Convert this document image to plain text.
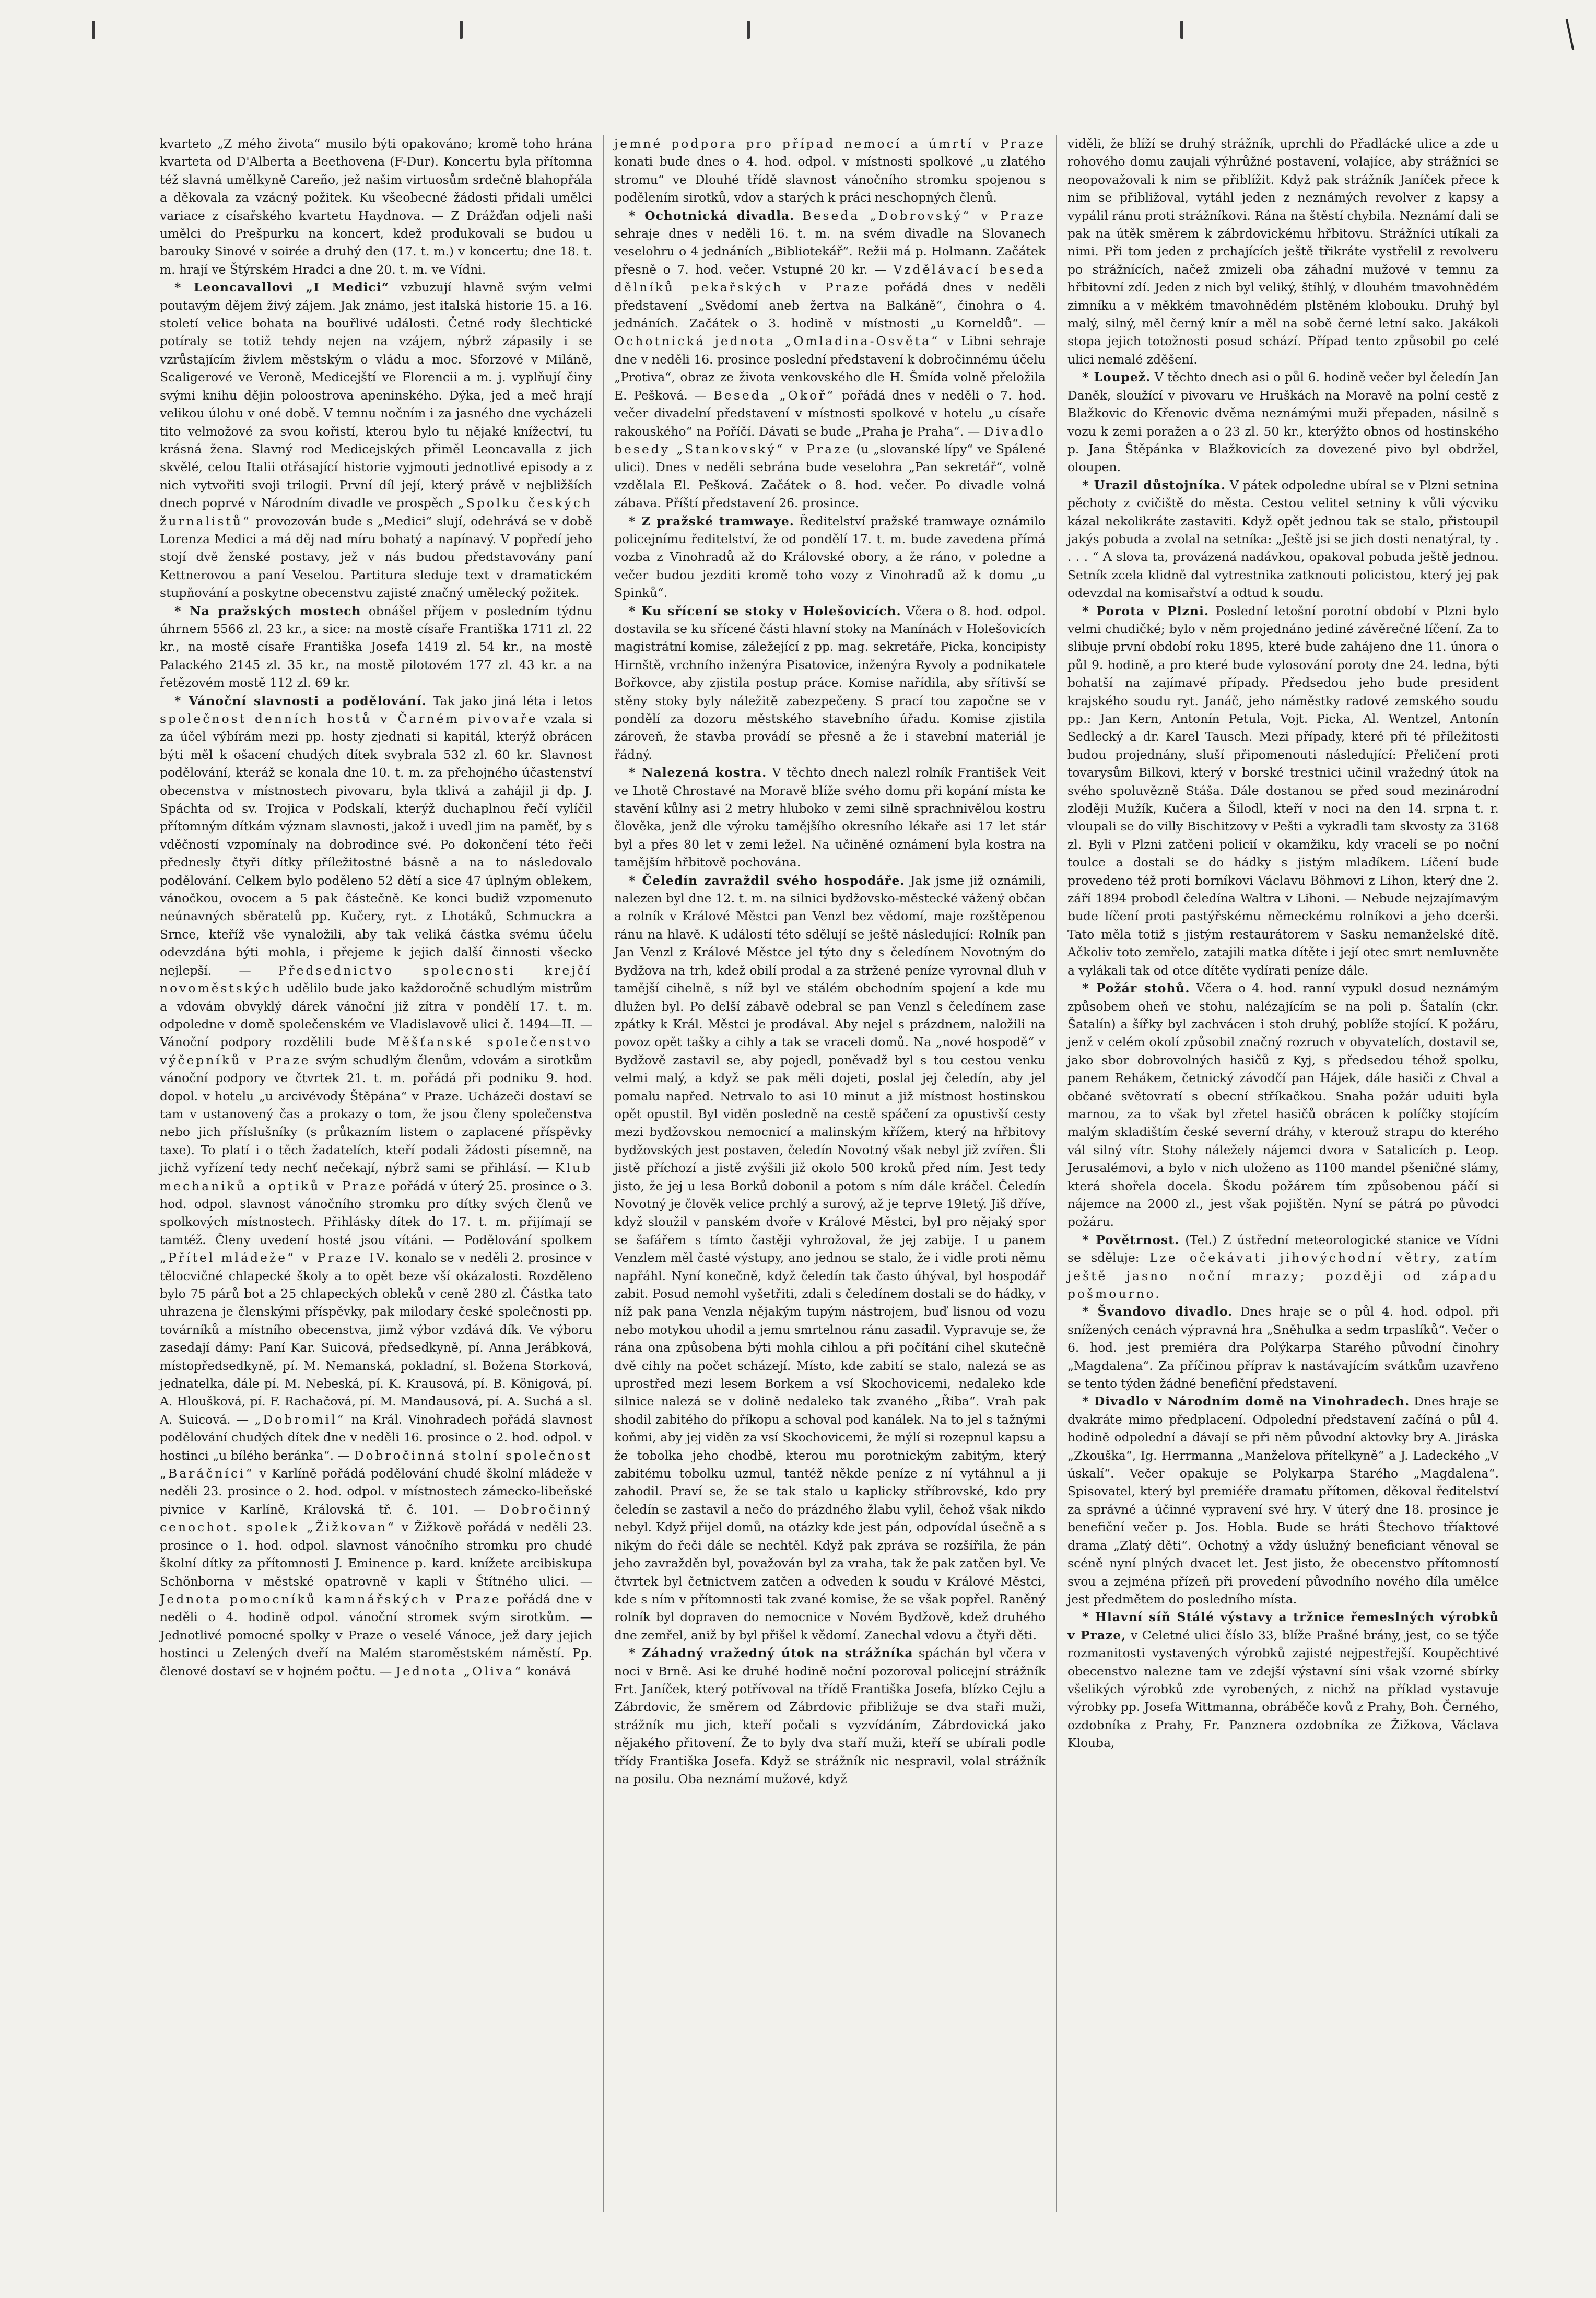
kvarteto „Z mého života“ musilo býti opakováno; kromě toho hrána kvarteta od D'Alberta a Beethovena (F-Dur). Koncertu byla přítomna též slavná umělkyně Careño, jež našim virtuosům srdečně blahopřála a děkovala za vzácný požitek. Ku všeobecné žádosti přidali umělci variace z císařského kvartetu Haydnova. — Z Drážďan odjeli naši umělci do Prešpurku na koncert, kdež produkovali se budou u barouky Sinové v soirée a druhý den (17. t. m.) v koncertu; dne 18. t. m. hrají ve Štýrském Hradci a dne 20. t. m. ve Vídni.

* Leoncavallovi „I Medici“ vzbuzují hlavně svým velmi poutavým dějem živý zájem. Jak známo, jest italská historie 15. a 16. století velice bohata na bouřlivé události. Četné rody šlechtické potíraly se totiž tehdy nejen na vzájem, nýbrž zápasily i se vzrůstajícím živlem městským o vládu a moc. Sforzové v Miláně, Scaligerové ve Veroně, Medicejští ve Florencii a m. j. vyplňují činy svými knihu dějin poloostrova apeninského. Dýka, jed a meč hrají velikou úlohu v oné době. V temnu nočním i za jasného dne vycházeli tito velmožové za svou kořistí, kterou bylo tu nějaké knížectví, tu krásná žena. Slavný rod Medicejských přiměl Leoncavalla z jich skvělé, celou Italii otřásající historie vyjmouti jednotlivé episody a z nich vytvořiti svoji trilogii. První díl její, který právě v nejbližších dnech poprvé v Národním divadle ve prospěch „Spolku českých žurnalistů“ provozován bude s „Medici“ slují, odehrává se v době Lorenza Medici a má děj nad míru bohatý a napínavý. V popředí jeho stojí dvě ženské postavy, jež v nás budou představovány paní Kettnerovou a paní Veselou. Partitura sleduje text v dramatickém stupňování a poskytne obecenstvu zajisté značný umělecký požitek.

* Na pražských mostech obnášel příjem v posledním týdnu úhrnem 5566 zl. 23 kr., a sice: na mostě císaře Františka 1711 zl. 22 kr., na mostě císaře Františka Josefa 1419 zl. 54 kr., na mostě Palackého 2145 zl. 35 kr., na mostě pilotovém 177 zl. 43 kr. a na řetězovém mostě 112 zl. 69 kr.

* Vánoční slavnosti a podělování. Tak jako jiná léta i letos společnost denních hostů v Čarném pivovaře vzala si za účel výbírám mezi pp. hosty zjednati si kapitál, kterýž obrácen býti měl k ošacení chudých dítek svybrala 532 zl. 60 kr. Slavnost podělování, kteráž se konala dne 10. t. m. za přehojného účastenství obecenstva v místnostech pivovaru, byla tklivá a zahájil ji dp. J. Spáchta od sv. Trojica v Podskalí, kterýž duchaplnou řečí vylíčil přítomným dítkám význam slavnosti, jakož i uvedl jim na paměť, by s vděčností vzpomínaly na dobrodince své. Po dokončení této řeči přednesly čtyři dítky příležitostné básně a na to následovalo podělování. Celkem bylo poděleno 52 dětí a sice 47 úplným oblekem, vánočkou, ovocem a 5 pak částečně. Ke konci budiž vzpomenuto neúnavných sběratelů pp. Kučery, ryt. z Lhotáků, Schmuckra a Srnce, kteříž vše vynaložili, aby tak veliká částka svému účelu odevzdána býti mohla, i přejeme k jejich další činnosti všecko nejlepší. — Předsednictvo spolecnosti krejčí novoměstských udělilo bude jako každoročně schudlým mistrům a vdovám obvyklý dárek vánoční již zítra v pondělí 17. t. m. odpoledne v domě společenském ve Vladislavově ulici č. 1494—II. — Vánoční podpory rozdělili bude Měšťanské společenstvo výčepníků v Praze svým schudlým členům, vdovám a sirotkům vánoční podpory ve čtvrtek 21. t. m. pořádá při podniku 9. hod. dopol. v hotelu „u arcivévody Štěpána“ v Praze. Ucházeči dostaví se tam v ustanovený čas a prokazy o tom, že jsou členy společenstva nebo jich příslušníky (s průkazním listem o zaplacené příspěvky taxe). To platí i o těch žadatelích, kteří podali žádosti písemně, na jichž vyřízení tedy nechť nečekají, nýbrž sami se přihlásí. — Klub mechaniků a optiků v Praze pořádá v úterý 25. prosince o 3. hod. odpol. slavnost vánočního stromku pro dítky svých členů ve spolkových místnostech. Přihlásky dítek do 17. t. m. přijímají se tamtéž. Členy uvedení hosté jsou vítáni. — Podělování spolkem „Přítel mládeže“ v Praze IV. konalo se v neděli 2. prosince v tělocvičné chlapecké školy a to opět beze vší okázalosti. Rozděleno bylo 75 párů bot a 25 chlapeckých obleků v ceně 280 zl. Částka tato uhrazena je členskými příspěvky, pak milodary české společnosti pp. továrníků a místního obecenstva, jimž výbor vzdává dík. Ve výboru zasedají dámy: Paní Kar. Suicová, předsedkyně, pí. Anna Jerábková, místopředsedkyně, pí. M. Nemanská, pokladní, sl. Božena Storková, jednatelka, dále pí. M. Nebeská, pí. K. Krausová, pí. B. Königová, pí. A. Hloušková, pí. F. Rachačová, pí. M. Mandausová, pí. A. Suchá a sl. A. Suicová. — „Dobromil“ na Král. Vinohradech pořádá slavnost podělování chudých dítek dne v neděli 16. prosince o 2. hod. odpol. v hostinci „u bílého beránka“. — Dobročinná stolní společnost „Baráčníci“ v Karlíně pořádá podělování chudé školní mládeže v neděli 23. prosince o 2. hod. odpol. v místnostech zámecko-libeňské pivnice v Karlíně, Královská tř. č. 101. — Dobročinný cenochot. spolek „Žižkovan“ v Žižkově pořádá v neděli 23. prosince o 1. hod. odpol. slavnost vánočního stromku pro chudé školní dítky za přítomnosti J. Eminence p. kard. knížete arcibiskupa Schönborna v městské opatrovně v kapli v Štítného ulici. — Jednota pomocníků kamnářských v Praze pořádá dne v neděli o 4. hodině odpol. vánoční stromek svým sirotkům. — Jednotlivé pomocné spolky v Praze o veselé Vánoce, jež dary jejich hostinci u Zelených dveří na Malém staroměstském náměstí. Pp. členové dostaví se v hojném počtu. — Jednota „Oliva“ konává

jemné podpora pro případ nemocí a úmrtí v Praze konati bude dnes o 4. hod. odpol. v místnosti spolkové „u zlatého stromu“ ve Dlouhé třídě slavnost vánočního stromku spojenou s podělením sirotků, vdov a starých k práci neschopných členů.

* Ochotnická divadla. Beseda „Dobrovský“ v Praze sehraje dnes v neděli 16. t. m. na svém divadle na Slovanech veselohru o 4 jednáních „Bibliotekář“. Režii má p. Holmann. Začátek přesně o 7. hod. večer. Vstupné 20 kr. — Vzdělávací beseda dělníků pekařských v Praze pořádá dnes v neděli představení „Svědomí aneb žertva na Balkáně“, činohra o 4. jednáních. Začátek o 3. hodině v místnosti „u Korneldů“. — Ochotnická jednota „Omladina-Osvěta“ v Libni sehraje dne v neděli 16. prosince poslední představení k dobročinnému účelu „Protiva“, obraz ze života venkovského dle H. Šmída volně přeložila E. Pešková. — Beseda „Okoř“ pořádá dnes v neděli o 7. hod. večer divadelní představení v místnosti spolkové v hotelu „u císaře rakouského“ na Poříčí. Dávati se bude „Praha je Praha“. — Divadlo besedy „Stankovský“ v Praze (u „slovanské lípy“ ve Spálené ulici). Dnes v neděli sebrána bude veselohra „Pan sekretář“, volně vzdělala El. Pešková. Začátek o 8. hod. večer. Po divadle volná zábava. Příští představení 26. prosince.

* Z pražské tramwaye. Ředitelství pražské tramwaye oznámilo policejnímu ředitelství, že od pondělí 17. t. m. bude zavedena přímá vozba z Vinohradů až do Královské obory, a že ráno, v poledne a večer budou jezditi kromě toho vozy z Vinohradů až k domu „u Spinků“.

* Ku sřícení se stoky v Holešovicích. Včera o 8. hod. odpol. dostavila se ku sřícené části hlavní stoky na Manínách v Holešovicích magistrátní komise, záležející z pp. mag. sekretáře, Picka, koncipisty Hirnště, vrchního inženýra Pisatovice, inženýra Ryvoly a podnikatele Bořkovce, aby zjistila postup práce. Komise nařídila, aby sřítivší se stěny stoky byly náležitě zabezpečeny. S prací tou započne se v pondělí za dozoru městského stavebního úřadu. Komise zjistila zároveň, že stavba provádí se přesně a že i stavební materiál je řádný.

* Nalezená kostra. V těchto dnech nalezl rolník František Veit ve Lhotě Chrostavé na Moravě blíže svého domu při kopání místa ke stavění kůlny asi 2 metry hluboko v zemi silně sprachnivělou kostru člověka, jenž dle výroku tamějšího okresního lékaře asi 17 let stár byl a přes 80 let v zemi ležel. Na učiněné oznámení byla kostra na tamějším hřbitově pochována.

* Čeledín zavraždil svého hospodáře. Jak jsme již oznámili, nalezen byl dne 12. t. m. na silnici bydžovsko-městecké vážený občan a rolník v Králové Městci pan Venzl bez vědomí, maje rozštěpenou ránu na hlavě. K událostí této sdělují se ještě následující: Rolník pan Jan Venzl z Králové Městce jel týto dny s čeledínem Novotným do Bydžova na trh, kdež obilí prodal a za stržené peníze vyrovnal dluh v tamější cihelně, s níž byl ve stálém obchodním spojení a kde mu dlužen byl. Po delší zábavě odebral se pan Venzl s čeledínem zase zpátky k Král. Městci je prodával. Aby nejel s prázdnem, naložili na povoz opět tašky a cihly a tak se vraceli domů. Na „nové hospodě“ v Bydžově zastavil se, aby pojedl, poněvadž byl s tou cestou venku velmi malý, a když se pak měli dojeti, poslal jej čeledín, aby jel pomalu napřed. Netrvalo to asi 10 minut a již místnost hostinskou opět opustil. Byl viděn posledně na cestě spáčení za opustivší cesty mezi bydžovskou nemocnicí a malinským křížem, který na hřbitovy bydžovských jest postaven, čeledín Novotný však nebyl již zvířen. Šli jistě příchozí a jistě zvýšili již okolo 500 kroků před ním. Jest tedy jisto, že jej u lesa Borků dobonil a potom s ním dále kráčel. Čeledín Novotný je člověk velice prchlý a surový, až je teprve 19letý. Jiš dříve, když sloužil v panském dvoře v Králové Městci, byl pro nějaký spor se šafářem s tímto častěji vyhrožoval, že jej zabije. I u panem Venzlem měl časté výstupy, ano jednou se stalo, že i vidle proti němu napřáhl. Nyní konečně, když čeledín tak často úhýval, byl hospodář zabit. Posud nemohl vyšetřiti, zdali s čeledínem dostali se do hádky, v níž pak pana Venzla nějakým tupým nástrojem, buď lisnou od vozu nebo motykou uhodil a jemu smrtelnou ránu zasadil. Vypravuje se, že rána ona způsobena býti mohla cihlou a při počítání cihel skutečně dvě cihly na počet scházejí. Místo, kde zabití se stalo, nalezá se as uprostřed mezi lesem Borkem a vsí Skochovicemi, nedaleko kde silnice nalezá se v dolině nedaleko tak zvaného „Řiba“. Vrah pak shodil zabitého do příkopu a schoval pod kanálek. Na to jel s tažnými koňmi, aby jej viděn za vsí Skochovicemi, že mýlí si rozepnul kapsu a že tobolka jeho chodbě, kterou mu porotnickým zabitým, který zabitému tobolku uzmul, tantéž někde peníze z ní vytáhnul a ji zahodil. Praví se, že se tak stalo u kaplicky stříbrovské, kdo pry čeledín se zastavil a nečo do prázdného žlabu vylil, čehož však nikdo nebyl. Když přijel domů, na otázky kde jest pán, odpovídal úsečně a s nikým do řeči dále se nechtěl. Když pak zpráva se rozšířila, že pán jeho zavražděn byl, považován byl za vraha, tak že pak zatčen byl. Ve čtvrtek byl četnictvem zatčen a odveden k soudu v Králové Městci, kde s ním v přítomnosti tak zvané komise, že se však popřel. Raněný rolník byl dopraven do nemocnice v Novém Bydžově, kdež druhého dne zemřel, aniž by byl přišel k vědomí. Zanechal vdovu a čtyři děti.

* Záhadný vražedný útok na strážníka spáchán byl včera v noci v Brně. Asi ke druhé hodině noční pozoroval policejní strážník Frt. Janíček, který potřívoval na třídě Františka Josefa, blízko Cejlu a Zábrdovic, že směrem od Zábrdovic přibližuje se dva staři muži, strážník mu jich, kteří počali s vyzvídáním, Zábrdovická jako nějakého přitovení. Že to byly dva staří muži, kteří se ubírali podle třídy Františka Josefa. Když se strážník nic nespravil, volal strážník na posilu. Oba neznámí mužové, když

viděli, že blíží se druhý strážník, uprchli do Přadlácké ulice a zde u rohového domu zaujali výhrůžné postavení, volajíce, aby strážníci se neopovažovali k nim se přiblížit. Když pak strážník Janíček přece k nim se přibližoval, vytáhl jeden z neznámých revolver z kapsy a vypálil ránu proti strážníkovi. Rána na štěstí chybila. Neznámí dali se pak na útěk směrem k zábrdovickému hřbitovu. Strážníci utíkali za nimi. Při tom jeden z prchajících ještě třikráte vystřelil z revolveru po strážnících, načež zmizeli oba záhadní mužové v temnu za hřbitovní zdí. Jeden z nich byl veliký, štíhlý, v dlouhém tmavohnědém zimníku a v měkkém tmavohnědém plstěném klobouku. Druhý byl malý, silný, měl černý knír a měl na sobě černé letní sako. Jakákoli stopa jejich totožnosti posud schází. Případ tento způsobil po celé ulici nemalé zděšení.

* Loupež. V těchto dnech asi o půl 6. hodině večer byl čeledín Jan Daněk, sloužící v pivovaru ve Hruškách na Moravě na polní cestě z Blažkovic do Křenovic dvěma neznámými muži přepaden, násilně s vozu k zemi poražen a o 23 zl. 50 kr., kterýžto obnos od hostinského p. Jana Štěpánka v Blažkovicích za dovezené pivo byl obdržel, oloupen.

* Urazil důstojníka. V pátek odpoledne ubíral se v Plzni setnina pěchoty z cvičiště do města. Cestou velitel setniny k vůli výcviku kázal nekolikráte zastaviti. Když opět jednou tak se stalo, přistoupil jakýs pobuda a zvolal na setníka: „Ještě jsi se jich dosti nenatýral, ty . . . . “ A slova ta, provázená nadávkou, opakoval pobuda ještě jednou. Setník zcela klidně dal vytrestnika zatknouti policistou, který jej pak odevzdal na komisařství a odtud k soudu.

* Porota v Plzni. Poslední letošní porotní období v Plzni bylo velmi chudičké; bylo v něm projednáno jediné závěrečné líčení. Za to slibuje první období roku 1895, které bude zahájeno dne 11. února o půl 9. hodině, a pro které bude vylosování poroty dne 24. ledna, býti bohatší na zajímavé případy. Předsedou jeho bude president krajského soudu ryt. Janáč, jeho náměstky radové zemského soudu pp.: Jan Kern, Antonín Petula, Vojt. Picka, Al. Wentzel, Antonín Sedlecký a dr. Karel Tausch. Mezi případy, které při té příležitosti budou projednány, sluší připomenouti následující: Přeličení proti tovarysům Bilkovi, který v borské trestnici učinil vražedný útok na svého spoluvězně Stáša. Dále dostanou se před soud mezinárodní zloději Mužík, Kučera a Šilodl, kteří v noci na den 14. srpna t. r. vloupali se do villy Bischitzovy v Pešti a vykradli tam skvosty za 3168 zl. Byli v Plzni zatčeni policií v okamžiku, kdy vracelí se po noční toulce a dostali se do hádky s jistým mladíkem. Líčení bude provedeno též proti borníkovi Václavu Böhmovi z Lihon, který dne 2. září 1894 probodl čeledína Waltra v Lihoni. — Nebude nejzajímavým bude líčení proti pastýřskému německému rolníkovi a jeho dcerši. Tato měla totiž s jistým restaurátorem v Sasku nemanželské dítě. Ačkoliv toto zemřelo, zatajili matka dítěte i její otec smrt nemluvněte a vylákali tak od otce dítěte vydírati peníze dále.

* Požár stohů. Včera o 4. hod. ranní vypukl dosud neznámým způsobem oheň ve stohu, nalézajícím se na poli p. Šatalín (ckr. Šatalín) a šířky byl zachvácen i stoh druhý, poblíže stojící. K požáru, jenž v celém okolí způsobil značný rozruch v obyvatelích, dostavil se, jako sbor dobrovolných hasičů z Kyj, s předsedou téhož spolku, panem Rehákem, četnický závodčí pan Hájek, dále hasiči z Chval a občané světovratí s obecní stříkačkou. Snaha požár uduiti byla marnou, za to však byl zřetel hasičů obrácen k políčky stojícím malým skladištím české severní dráhy, v kterouž strapu do kterého vál silný vítr. Stohy náležely nájemci dvora v Satalicích p. Leop. Jerusalémovi, a bylo v nich uloženo as 1100 mandel pšeničné slámy, která shořela docela. Škodu požárem tím způsobenou páčí si nájemce na 2000 zl., jest však pojištěn. Nyní se pátrá po původci požáru.

* Povětrnost. (Tel.) Z ústřední meteorologické stanice ve Vídni se sděluje: Lze očekávati jihovýchodní větry, zatím ještě jasno noční mrazy; později od západu pošmourno.

* Švandovo divadlo. Dnes hraje se o půl 4. hod. odpol. při snížených cenách výpravná hra „Sněhulka a sedm trpaslíků“. Večer o 6. hod. jest premiéra dra Polýkarpa Starého původní činohry „Magdalena“. Za příčinou příprav k nastávajícím svátkům uzavřeno se tento týden žádné benefiční představení.

* Divadlo v Národním domě na Vinohradech. Dnes hraje se dvakráte mimo předplacení. Odpolední představení začíná o půl 4. hodině odpolední a dávají se při něm původní aktovky bry A. Jiráska „Zkouška“, Ig. Herrmanna „Manželova přítelkyně“ a J. Ladeckého „V úskalí“. Večer opakuje se Polykarpa Starého „Magdalena“. Spisovatel, který byl premiéře dramatu přítomen, děkoval ředitelství za správné a účinné vypravení své hry. V úterý dne 18. prosince je benefiční večer p. Jos. Hobla. Bude se hráti Štechovo tříaktové drama „Zlatý děti“. Ochotný a vždy úslužný beneficiant věnoval se scéně nyní plných dvacet let. Jest jisto, že obecenstvo přítomností svou a zejména přízeň při provedení původního nového díla umělce jest předmětem do posledního místa.

* Hlavní síň Stálé výstavy a tržnice řemeslných výrobků v Praze, v Celetné ulici číslo 33, blíže Prašné brány, jest, co se týče rozmanitosti vystavených výrobků zajisté nejpestřejší. Koupěchtivé obecenstvo nalezne tam ve zdejší výstavní síni však vzorné sbírky všelikých výrobků zde vyrobených, z nichž na příklad vystavuje výrobky pp. Josefa Wittmanna, obráběče kovů z Prahy, Boh. Černého, ozdobníka z Prahy, Fr. Panznera ozdobníka ze Žižkova, Václava Klouba,
